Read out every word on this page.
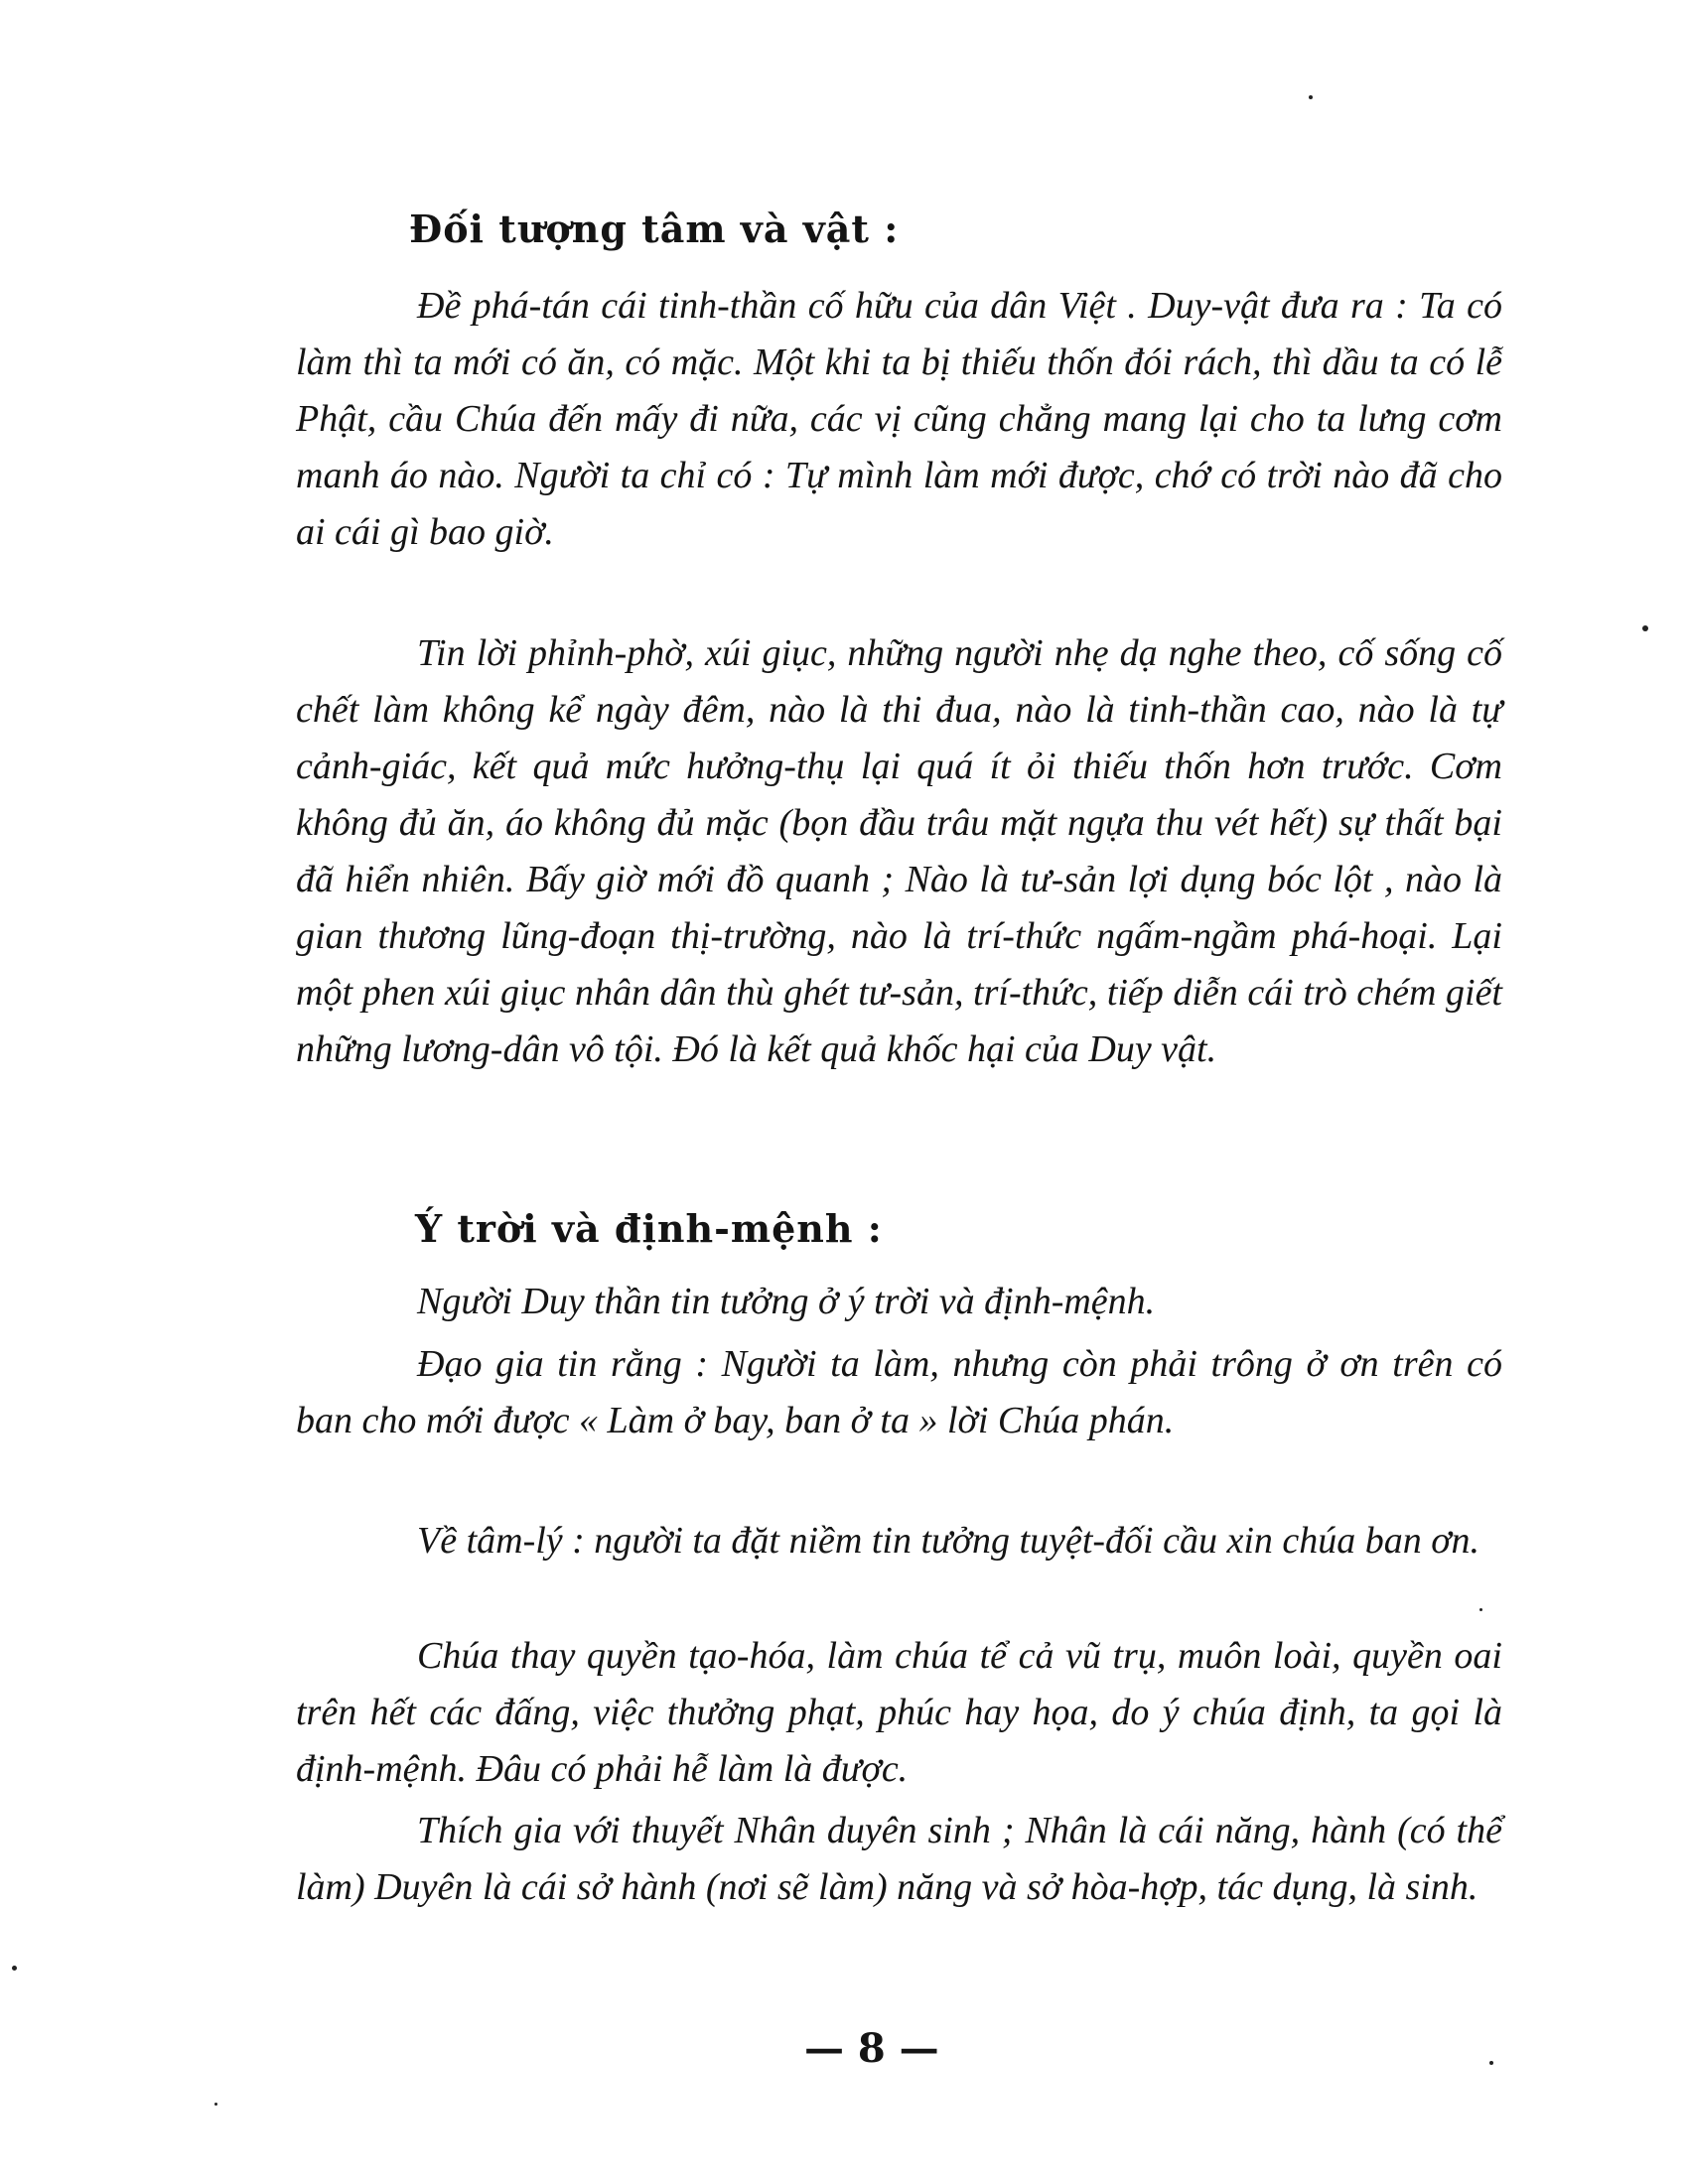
Đối tượng tâm và vật :

Đề phá-tán cái tinh-thần cố hữu của dân Việt . Duy-vật đưa ra : Ta có làm thì ta mới có ăn, có mặc. Một khi ta bị thiếu thốn đói rách, thì dầu ta có lễ Phật, cầu Chúa đến mấy đi nữa, các vị cũng chẳng mang lại cho ta lưng cơm manh áo nào. Người ta chỉ có : Tự mình làm mới được, chớ có trời nào đã cho ai cái gì bao giờ.

Tin lời phỉnh-phờ, xúi giục, những người nhẹ dạ nghe theo, cố sống cố chết làm không kể ngày đêm, nào là thi đua, nào là tinh-thần cao, nào là tự cảnh-giác, kết quả mức hưởng-thụ lại quá ít ỏi thiếu thốn hơn trước. Cơm không đủ ăn, áo không đủ mặc (bọn đầu trâu mặt ngựa thu vét hết) sự thất bại đã hiển nhiên. Bấy giờ mới đồ quanh ; Nào là tư-sản lợi dụng bóc lột , nào là gian thương lũng-đoạn thị-trường, nào là trí-thức ngấm-ngầm phá-hoại. Lại một phen xúi giục nhân dân thù ghét tư-sản, trí-thức, tiếp diễn cái trò chém giết những lương-dân vô tội. Đó là kết quả khốc hại của Duy vật.

Ý trời và định-mệnh :

Người Duy thần tin tưởng ở ý trời và định-mệnh.

Đạo gia tin rằng : Người ta làm, nhưng còn phải trông ở ơn trên có ban cho mới được « Làm ở bay, ban ở ta » lời Chúa phán.

Về tâm-lý : người ta đặt niềm tin tưởng tuyệt-đối cầu xin chúa ban ơn.

Chúa thay quyền tạo-hóa, làm chúa tể cả vũ trụ, muôn loài, quyền oai trên hết các đấng, việc thưởng phạt, phúc hay họa, do ý chúa định, ta gọi là định-mệnh. Đâu có phải hễ làm là được.

Thích gia với thuyết Nhân duyên sinh ; Nhân là cái năng, hành (có thể làm) Duyên là cái sở hành (nơi sẽ làm) năng và sở hòa-hợp, tác dụng, là sinh.

— 8 —
